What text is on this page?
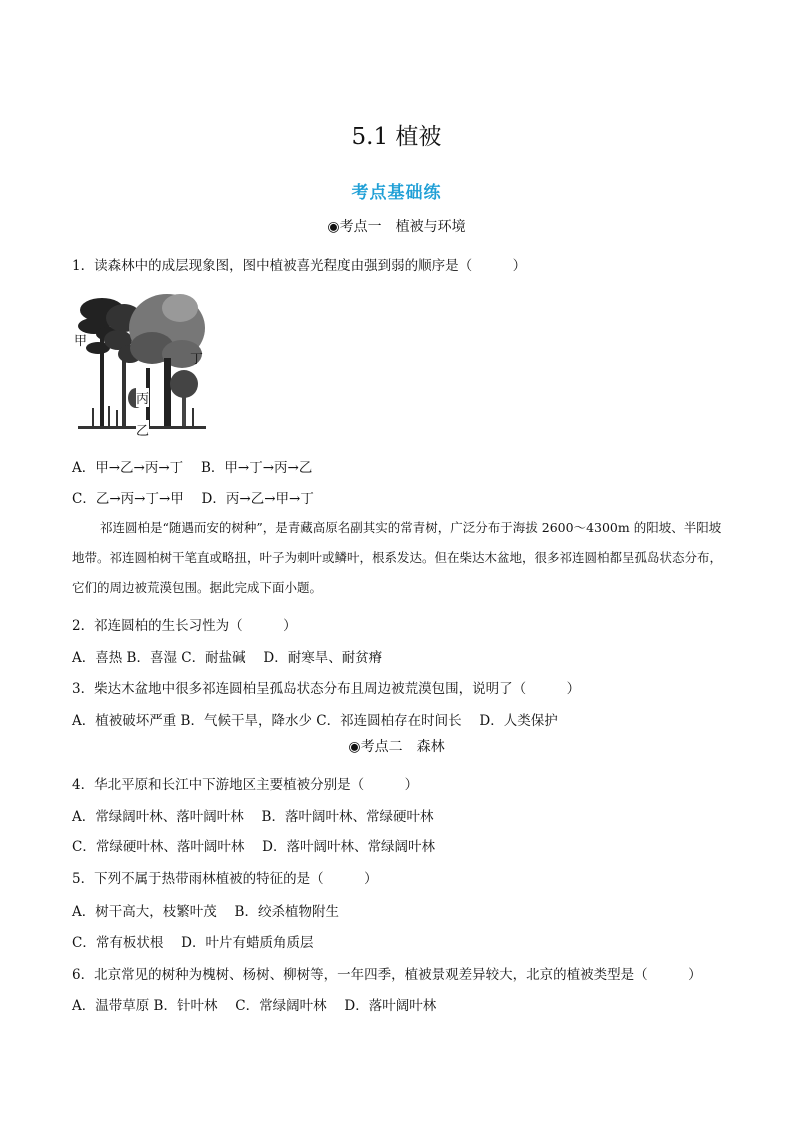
5.1 植被
考点基础练
◉考点一　植被与环境
1．读森林中的成层现象图，图中植被喜光程度由强到弱的顺序是（　　　）
甲
丁
丙
乙
A．甲→乙→丙→丁　 B．甲→丁→丙→乙
C．乙→丙→丁→甲　 D．丙→乙→甲→丁
祁连圆柏是“随遇而安的树种”，是青藏高原名副其实的常青树，广泛分布于海拔 2600～4300m 的阳坡、半阳坡地带。祁连圆柏树干笔直或略扭，叶子为刺叶或鳞叶，根系发达。但在柴达木盆地，很多祁连圆柏都呈孤岛状态分布，它们的周边被荒漠包围。据此完成下面小题。
2．祁连圆柏的生长习性为（　　　）
A．喜热 B．喜湿 C．耐盐碱　 D．耐寒旱、耐贫瘠
3．柴达木盆地中很多祁连圆柏呈孤岛状态分布且周边被荒漠包围，说明了（　　　）
A．植被破坏严重 B．气候干旱，降水少 C．祁连圆柏存在时间长　 D．人类保护
◉考点二　森林
4．华北平原和长江中下游地区主要植被分别是（　　　）
A．常绿阔叶林、落叶阔叶林　 B．落叶阔叶林、常绿硬叶林
C．常绿硬叶林、落叶阔叶林　 D．落叶阔叶林、常绿阔叶林
5．下列不属于热带雨林植被的特征的是（　　　）
A．树干高大，枝繁叶茂　 B．绞杀植物附生
C．常有板状根　 D．叶片有蜡质角质层
6．北京常见的树种为槐树、杨树、柳树等，一年四季，植被景观差异较大，北京的植被类型是（　　　）
A．温带草原 B．针叶林　 C．常绿阔叶林　 D．落叶阔叶林
